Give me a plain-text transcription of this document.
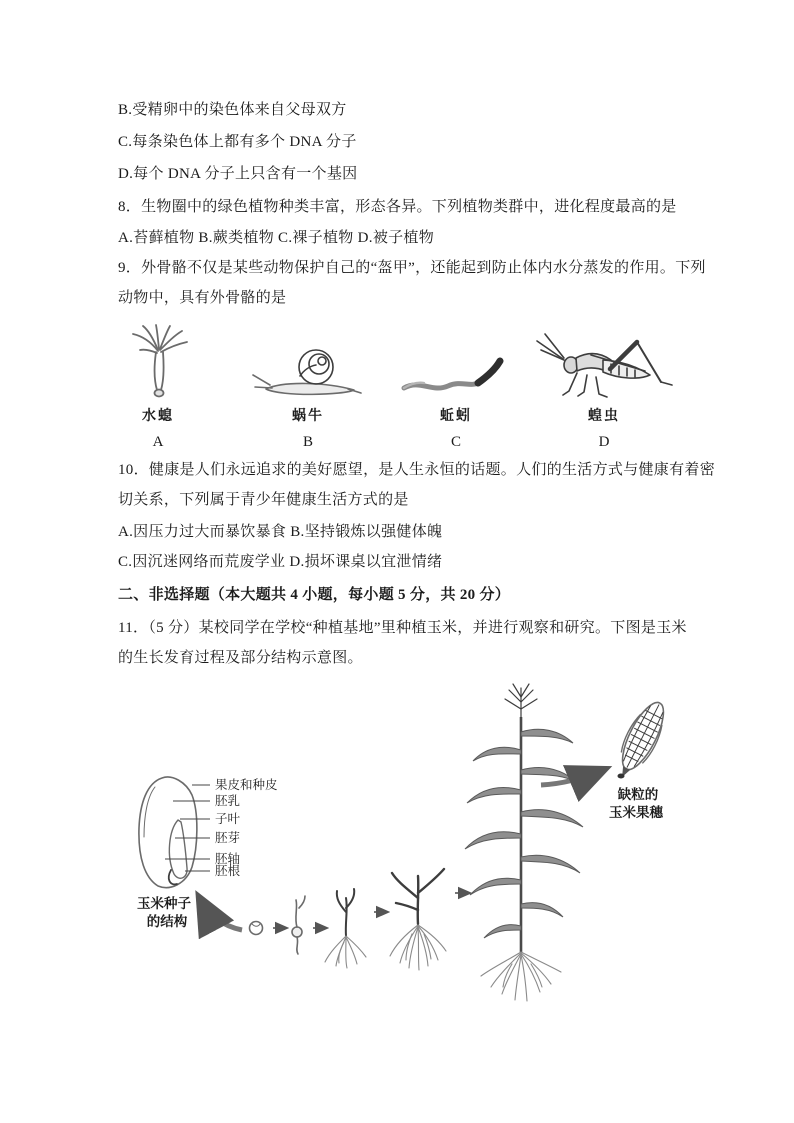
B.受精卵中的染色体来自父母双方
C.每条染色体上都有多个 DNA 分子
D.每个 DNA 分子上只含有一个基因
8．生物圈中的绿色植物种类丰富，形态各异。下列植物类群中，进化程度最高的是
A.苔藓植物 B.蕨类植物 C.裸子植物 D.被子植物
9．外骨骼不仅是某些动物保护自己的“盔甲”，还能起到防止体内水分蒸发的作用。下列
动物中，具有外骨骼的是
水螅
A
蜗牛
B
蚯蚓
C
蝗虫
D
10．健康是人们永远追求的美好愿望，是人生永恒的话题。人们的生活方式与健康有着密
切关系，下列属于青少年健康生活方式的是
A.因压力过大而暴饮暴食 B.坚持锻炼以强健体魄
C.因沉迷网络而荒废学业 D.损坏课桌以宜泄情绪
二、非选择题（本大题共 4 小题，每小题 5 分，共 20 分）
11．（5 分）某校同学在学校“种植基地”里种植玉米，并进行观察和研究。下图是玉米
的生长发育过程及部分结构示意图。
果皮和种皮
胚乳
子叶
胚芽
胚轴
胚根
玉米种子
的结构
缺粒的
玉米果穗
